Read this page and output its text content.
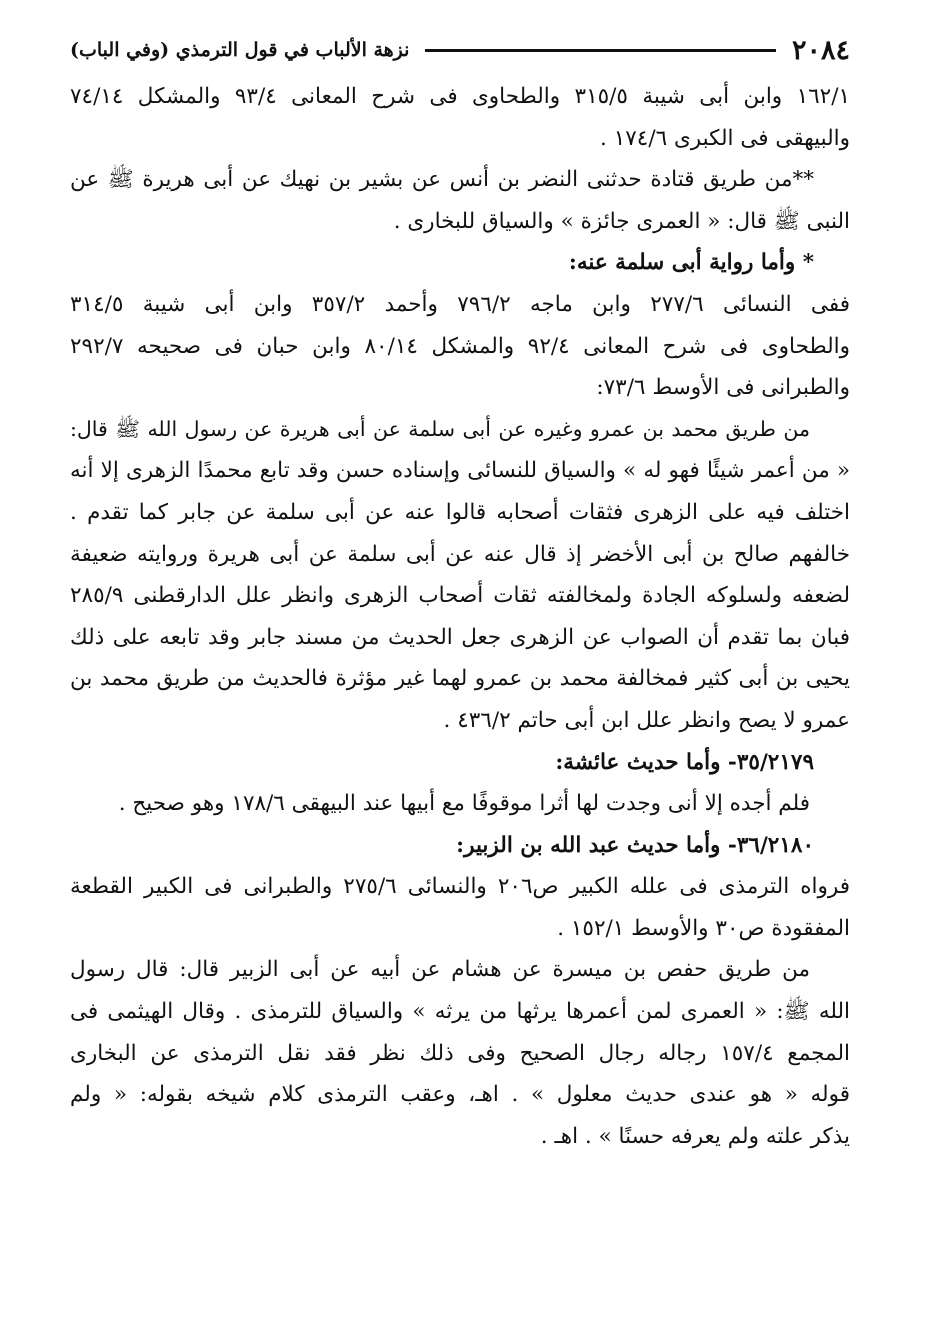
٢٠٨٤
نزهة الألباب في قول الترمذي (وفي الباب)
١٦٢/١ وابن أبى شيبة ٣١٥/٥ والطحاوى فى شرح المعانى ٩٣/٤ والمشكل ٧٤/١٤
والبيهقى فى الكبرى ١٧٤/٦ .
**من طريق قتادة حدثنى النضر بن أنس عن بشير بن نهيك عن أبى هريرة ﷺ عن
النبى ﷺ قال: « العمرى جائزة » والسياق للبخارى .
* وأما رواية أبى سلمة عنه:
ففى النسائى ٢٧٧/٦ وابن ماجه ٧٩٦/٢ وأحمد ٣٥٧/٢ وابن أبى شيبة ٣١٤/٥
والطحاوى فى شرح المعانى ٩٢/٤ والمشكل ٨٠/١٤ وابن حبان فى صحيحه ٢٩٢/٧
والطبرانى فى الأوسط ٧٣/٦:
من طريق محمد بن عمرو وغيره عن أبى سلمة عن أبى هريرة عن رسول الله ﷺ قال:
« من أعمر شيئًا فهو له » والسياق للنسائى وإسناده حسن وقد تابع محمدًا الزهرى إلا أنه
اختلف فيه على الزهرى فثقات أصحابه قالوا عنه عن أبى سلمة عن جابر كما تقدم .
خالفهم صالح بن أبى الأخضر إذ قال عنه عن أبى سلمة عن أبى هريرة وروايته ضعيفة
لضعفه ولسلوكه الجادة ولمخالفته ثقات أصحاب الزهرى وانظر علل الدارقطنى ٢٨٥/٩
فبان بما تقدم أن الصواب عن الزهرى جعل الحديث من مسند جابر وقد تابعه على ذلك
يحيى بن أبى كثير فمخالفة محمد بن عمرو لهما غير مؤثرة فالحديث من طريق محمد بن
عمرو لا يصح وانظر علل ابن أبى حاتم ٤٣٦/٢ .
٣٥/٢١٧٩- وأما حديث عائشة:
فلم أجده إلا أنى وجدت لها أثرا موقوفًا مع أبيها عند البيهقى ١٧٨/٦ وهو صحيح .
٣٦/٢١٨٠- وأما حديث عبد الله بن الزبير:
فرواه الترمذى فى علله الكبير ص٢٠٦ والنسائى ٢٧٥/٦ والطبرانى فى الكبير القطعة
المفقودة ص٣٠ والأوسط ١٥٢/١ .
من طريق حفص بن ميسرة عن هشام عن أبيه عن أبى الزبير قال: قال رسول
الله ﷺ: « العمرى لمن أعمرها يرثها من يرثه » والسياق للترمذى . وقال الهيثمى فى
المجمع ١٥٧/٤ رجاله رجال الصحيح وفى ذلك نظر فقد نقل الترمذى عن البخارى
قوله « هو عندى حديث معلول » . اهـ، وعقب الترمذى كلام شيخه بقوله: « ولم
يذكر علته ولم يعرفه حسنًا » . اهـ .
